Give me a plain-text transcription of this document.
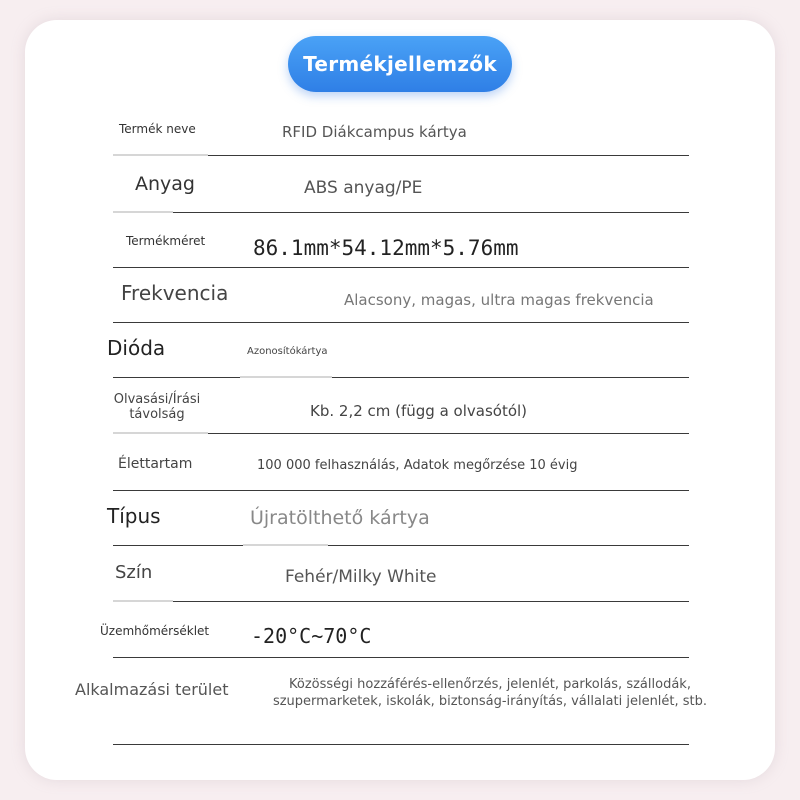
Termékjellemzők
Termék neve	RFID Diákcampus kártya
Anyag	ABS anyag/PE
Termékméret 86.1mm*54.12mm*5.76mm
Frekvencia	Alacsony, magas, ultra magas frekvencia
Dióda	Azonosítókártya
Olvasási/Írási távolság	Kb. 2,2 cm (függ a olvasótól)
Élettartam	100 000 felhasználás, Adatok megőrzése 10 évig
Típus	Újratölthető kártya
Szín	Fehér/Milky White
Üzemhőmérséklet -20°C~70°C
Alkalmazási terület	Közösségi hozzáférés-ellenőrzés, jelenlét, parkolás, szállodák, szupermarketek, iskolák, biztonság-irányítás, vállalati jelenlét, stb.
